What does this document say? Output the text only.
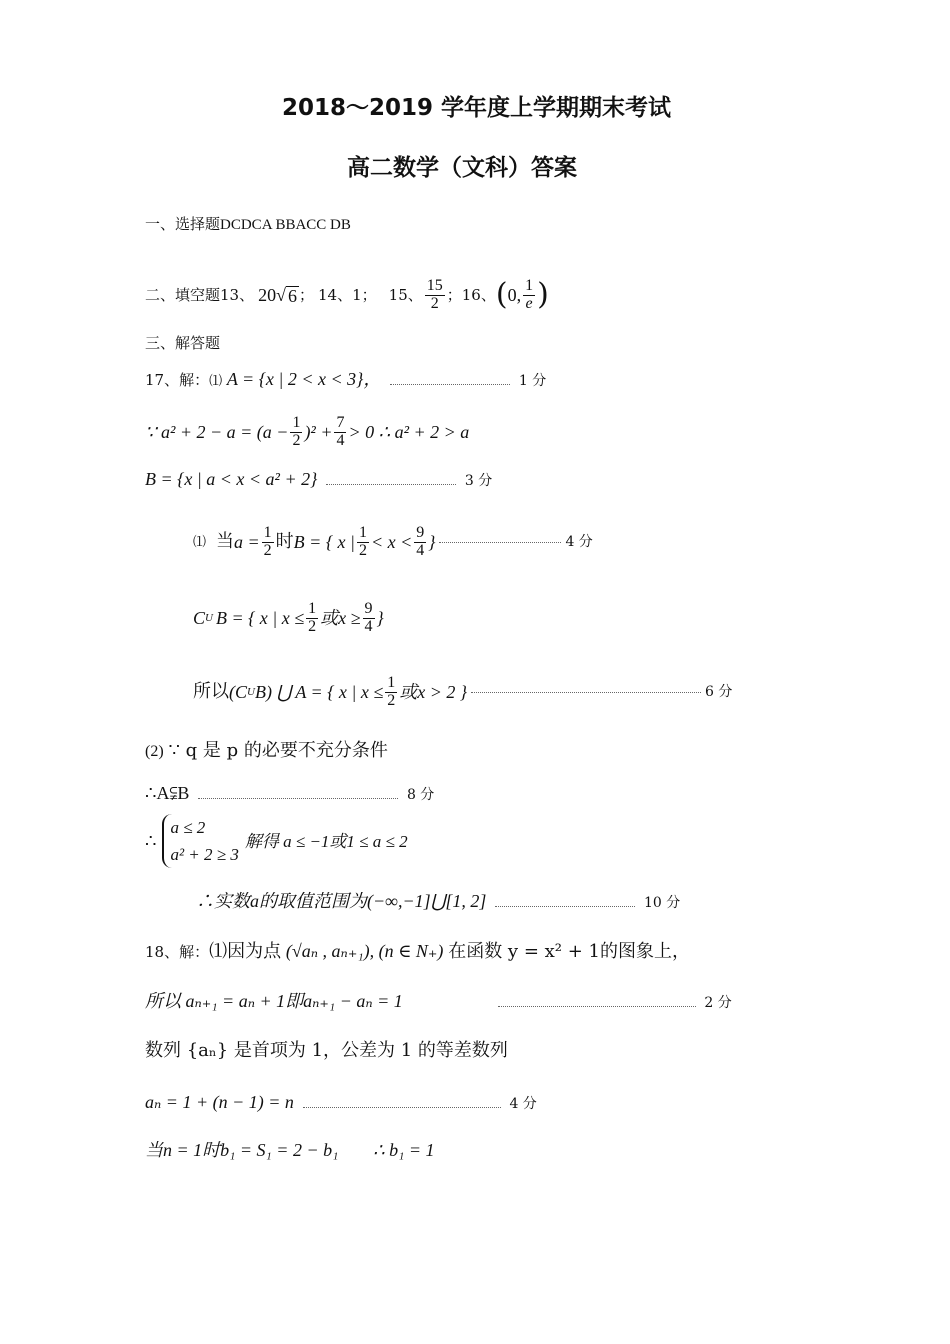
2018～2019 学年度上学期期末考试
高二数学（文科）答案
一、选择题DCDCA BBACC DB
二、填空题 13、 20 √ 6 ； 14、1； 15、 $\frac{15}{2}$ ； 16、 ( 0, $\frac{1}{e}$ )
三、解答题
17、解：⑴ A = {x | 2 < x < 3}，	1 分
∵ $a^2 + 2 - a = (a - \frac{1}{2} )^2 + \frac{7}{4} > 0$ ∴ a² + 2 > a
B = {x | a < x < a² + 2}	3 分
⑴ 当 $a = \frac{1}{2}$ 时 B = { x | $\frac{1}{2} < x < \frac{9}{4}$ }	4 分
C U B = { x | $x \le \frac{1}{2}$ 或$x \ge \frac{9}{4}$ }
所以 (C U B) ⋃ A = { x | $x \le \frac{1}{2}$ 或x > 2 }	6 分
(2) ∵ q 是 p 的必要不充分条件
∴A⫋B	8 分
∴
a ≤ 2
a² + 2 ≥ 3
解得 a ≤ −1或1 ≤ a ≤ 2
∴实数a的取值范围为(−∞,−1]⋃[1, 2]	10 分
18、解：⑴因为点 (√aₙ , aₙ₊₁), (n ∈ N₊) 在函数 y = x² + 1的图象上，
所以 aₙ₊₁ = aₙ + 1即aₙ₊₁ − aₙ = 1	2 分
数列 {aₙ} 是首项为 1，公差为 1 的等差数列
aₙ = 1 + (n − 1) = n	4 分
当n = 1时b₁ = S₁ = 2 − b₁ ∴ b₁ = 1
